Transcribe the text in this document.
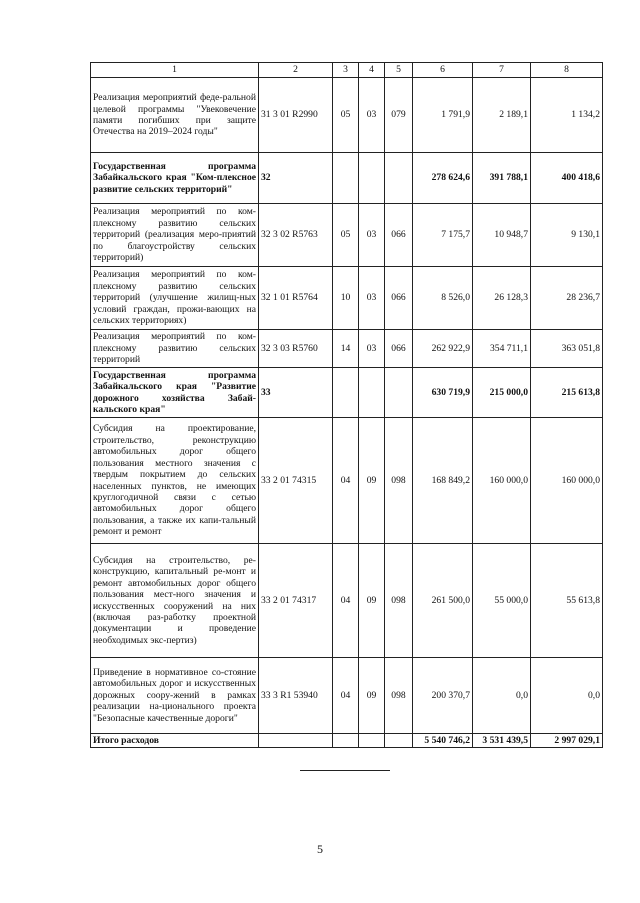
1	2	3	4	5	6	7	8
Реализация мероприятий феде-ральной целевой программы "Увековечение памяти погибших при защите Отечества на 2019–2024 годы"	31 3 01 R2990	05	03	079	1 791,9	2 189,1	1 134,2
Государственная программа Забайкальского края "Ком-плексное развитие сельских территорий"	32				278 624,6	391 788,1	400 418,6
Реализация мероприятий по ком-плексному развитию сельских территорий (реализация меро-приятий по благоустройству сельских территорий)	32 3 02 R5763	05	03	066	7 175,7	10 948,7	9 130,1
Реализация мероприятий по ком-плексному развитию сельских территорий (улучшение жилищ-ных условий граждан, прожи-вающих на сельских территориях)	32 1 01 R5764	10	03	066	8 526,0	26 128,3	28 236,7
Реализация мероприятий по ком-плексному развитию сельских территорий	32 3 03 R5760	14	03	066	262 922,9	354 711,1	363 051,8
Государственная программа Забайкальского края "Развитие дорожного хозяйства Забай-кальского края"	33				630 719,9	215 000,0	215 613,8
Субсидия на проектирование, строительство, реконструкцию автомобильных дорог общего пользования местного значения с твердым покрытием до сельских населенных пунктов, не имеющих круглогодичной связи с сетью автомобильных дорог общего пользования, а также их капи-тальный ремонт и ремонт	33 2 01 74315	04	09	098	168 849,2	160 000,0	160 000,0
Субсидия на строительство, ре-конструкцию, капитальный ре-монт и ремонт автомобильных дорог общего пользования мест-ного значения и искусственных сооружений на них (включая раз-работку проектной документации и проведение необходимых экс-пертиз)	33 2 01 74317	04	09	098	261 500,0	55 000,0	55 613,8
Приведение в нормативное со-стояние автомобильных дорог и искусственных дорожных соору-жений в рамках реализации на-ционального проекта "Безопасные качественные дороги"	33 3 R1 53940	04	09	098	200 370,7	0,0	0,0
Итого расходов					5 540 746,2	3 531 439,5	2 997 029,1
5
